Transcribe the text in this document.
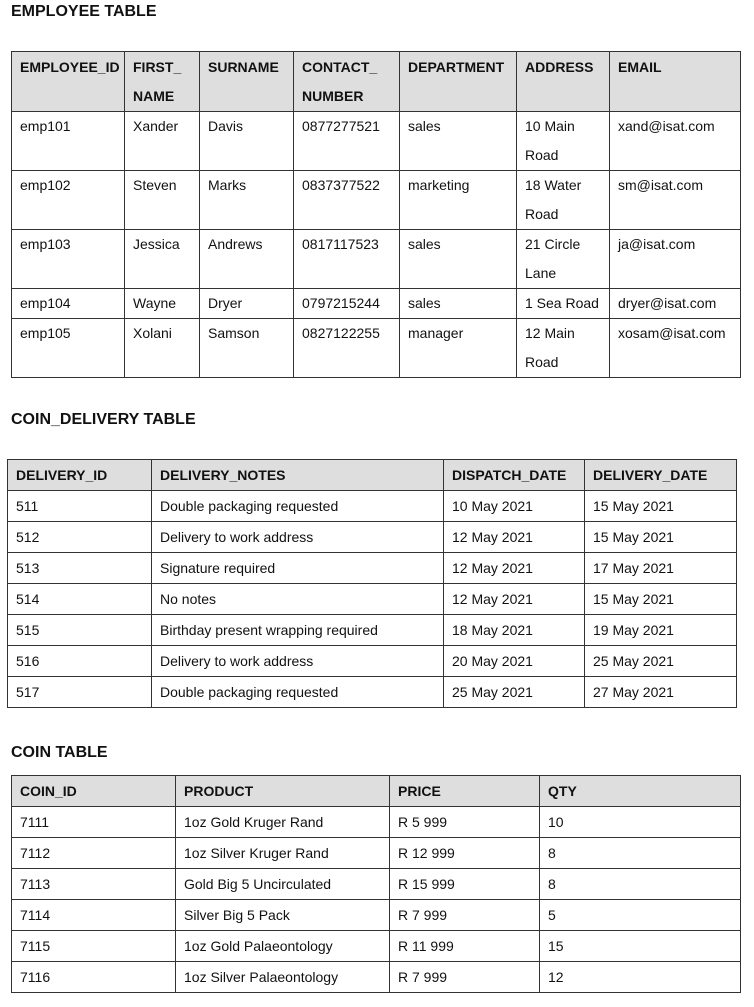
EMPLOYEE TABLE
EMPLOYEE_ID	FIRST_ NAME	SURNAME	CONTACT_ NUMBER	DEPARTMENT	ADDRESS	EMAIL
emp101	Xander	Davis	0877277521	sales	10 Main Road	xand@isat.com
emp102	Steven	Marks	0837377522	marketing	18 Water Road	sm@isat.com
emp103	Jessica	Andrews	0817117523	sales	21 Circle Lane	ja@isat.com
emp104	Wayne	Dryer	0797215244	sales	1 Sea Road	dryer@isat.com
emp105	Xolani	Samson	0827122255	manager	12 Main Road	xosam@isat.com
COIN_DELIVERY TABLE
DELIVERY_ID	DELIVERY_NOTES	DISPATCH_DATE	DELIVERY_DATE
511	Double packaging requested	10 May 2021	15 May 2021
512	Delivery to work address	12 May 2021	15 May 2021
513	Signature required	12 May 2021	17 May 2021
514	No notes	12 May 2021	15 May 2021
515	Birthday present wrapping required	18 May 2021	19 May 2021
516	Delivery to work address	20 May 2021	25 May 2021
517	Double packaging requested	25 May 2021	27 May 2021
COIN TABLE
COIN_ID	PRODUCT	PRICE	QTY
7111	1oz Gold Kruger Rand	R 5 999	10
7112	1oz Silver Kruger Rand	R 12 999	8
7113	Gold Big 5 Uncirculated	R 15 999	8
7114	Silver Big 5 Pack	R 7 999	5
7115	1oz Gold Palaeontology	R 11 999	15
7116	1oz Silver Palaeontology	R 7 999	12
